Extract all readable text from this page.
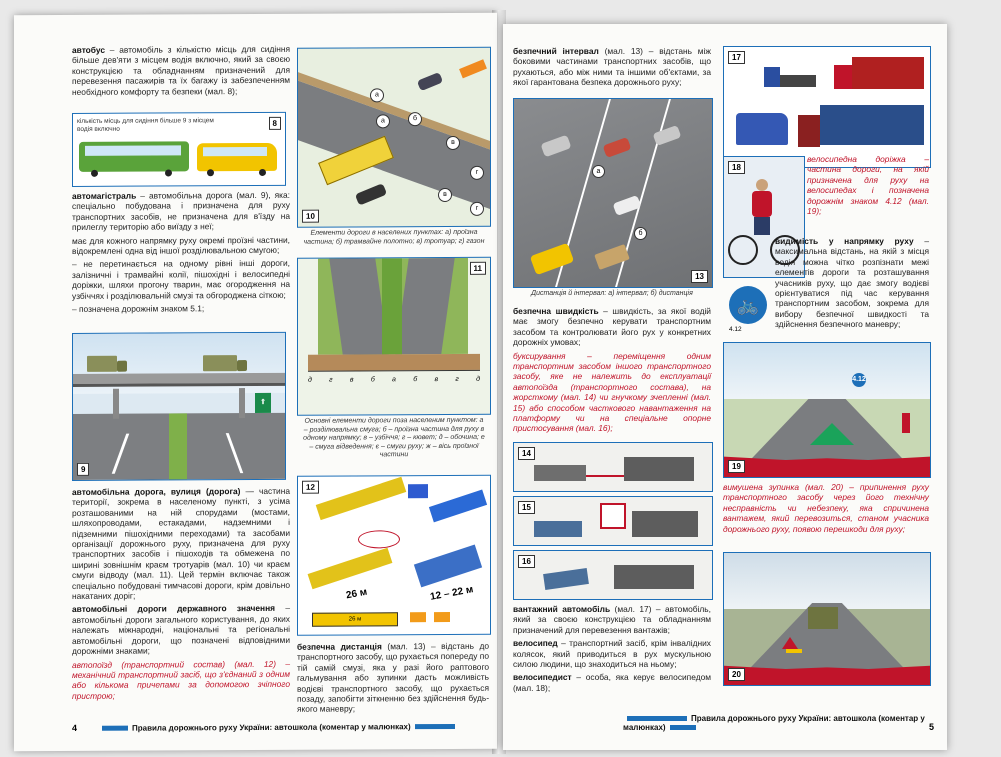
автобус – автомобіль з кількістю місць для сидіння більше дев'яти з місцем водія включно, який за своєю конструкцією та обладнанням призначений для перевезення пасажирів та їх багажу із забезпеченням необхідного комфорту та безпеки (мал. 8);

8
кількість місць для сидіння більше 9 з місцем водія включно

автомагістраль – автомобільна дорога (мал. 9), яка: спеціально побудована і призначена для руху транспортних засобів, не призначена для в'їзду на прилеглу територію або виїзду з неї;

має для кожного напрямку руху окремі проїзні частини, відокремлені одна від іншої розділювальною смугою;

– не перетинається на одному рівні інші дороги, залізничні і трамвайні колії, пішохідні і велосипедні доріжки, шляхи прогону тварин, має огородження на узбіччях і розділювальній смузі та обгороджена сіткою;

– позначена дорожнім знаком 5.1;

⇑
9

автомобільна дорога, вулиця (дорога) — частина території, зокрема в населеному пункті, з усіма розташованими на ній спорудами (мостами, шляхопроводами, естакадами, надземними і підземними пішохідними переходами) та засобами організації дорожнього руху, призначена для руху транспортних засобів і пішоходів та обмежена по ширині зовнішнім краєм тротуарів (мал. 10) чи краєм смуги відводу (мал. 11). Цей термін включає також спеціально побудовані тимчасові дороги, крім довільно накатаних доріг;

автомобільні дороги державного значення – автомобільні дороги загального користування, до яких належать міжнародні, національні та регіональні автомобільні дороги, що позначені відповідними дорожніми знаками;

автопоїзд (транспортний состав) (мал. 12) – механічний транспортний засіб, що з'єднаний з одним або кількома причепами за допомогою зчіпного пристрою;

а
а	б
в
в
г
г
10
Елементи дороги в населених пунктах: а) проїзна частина; б) трамвайне полотно; в) тротуар; г) газон
д г в б а б в г д
11
Основні елементи дороги поза населеним пунктом: а – розділювальна смуга; б – проїзна частина для руху в одному напрямку; в – узбіччя; г – кювет; д – обочина; е – смуга відведення; є – смуги руху; ж – вісь проїзної частини
12
26 м	12 – 22 м
26 м

безпечна дистанція (мал. 13) – відстань до транспортного засобу, що рухається попереду по тій самій смузі, яка у разі його раптового гальмування або зупинки дасть можливість водієві транспортного засобу, що рухається позаду, запобігти зіткненню без здійснення будь-якого маневру;

4	Правила дорожнього руху України: автошкола (коментар у малюнках)

безпечний інтервал (мал. 13) – відстань між боковими частинами транспортних засобів, що рухаються, або між ними та іншими об'єктами, за якої гарантована безпека дорожнього руху;

а
б
13
Дистанція й інтервал: а) інтервал; б) дистанція

безпечна швидкість – швидкість, за якої водій має змогу безпечно керувати транспортним засобом та контролювати його рух у конкретних дорожніх умовах;

буксирування – переміщення одним транспортним засобом іншого транспортного засобу, яке не належить до експлуатації автопоїзда (транспортного состава), на жорсткому (мал. 14) чи гнучкому зчепленні (мал. 15) або способом часткового навантаження на платформу чи на спеціальне опорне пристосування (мал. 16);

14
15
16

вантажний автомобіль (мал. 17) – автомобіль, який за своєю конструкцією та обладнанням призначений для перевезення вантажів;

велосипед – транспортний засіб, крім інвалідних колясок, який приводиться в рух мускульною силою людини, що знаходиться на ньому;

велосипедист – особа, яка керує велосипедом (мал. 18);

17
18

велосипедна доріжка – частина дороги, на якій призначена для руху на велосипедах і позначена дорожнім знаком 4.12 (мал. 19);

🚲
4.12

видимість у напрямку руху – максимальна відстань, на якій з місця водія можна чітко розпізнати межі елементів дороги та розташування учасників руху, що дає змогу водієві орієнтуватися під час керування транспортним засобом, зокрема для вибору безпечної швидкості та здійснення безпечного маневру;

4.12
19

вимушена зупинка (мал. 20) – припинення руху транспортного засобу через його технічну несправність чи небезпеку, яка спричинена вантажем, який перевозиться, станом учасника дорожнього руху, появою перешкоди для руху;

20
Правила дорожнього руху України: автошкола (коментар у малюнках)	5
